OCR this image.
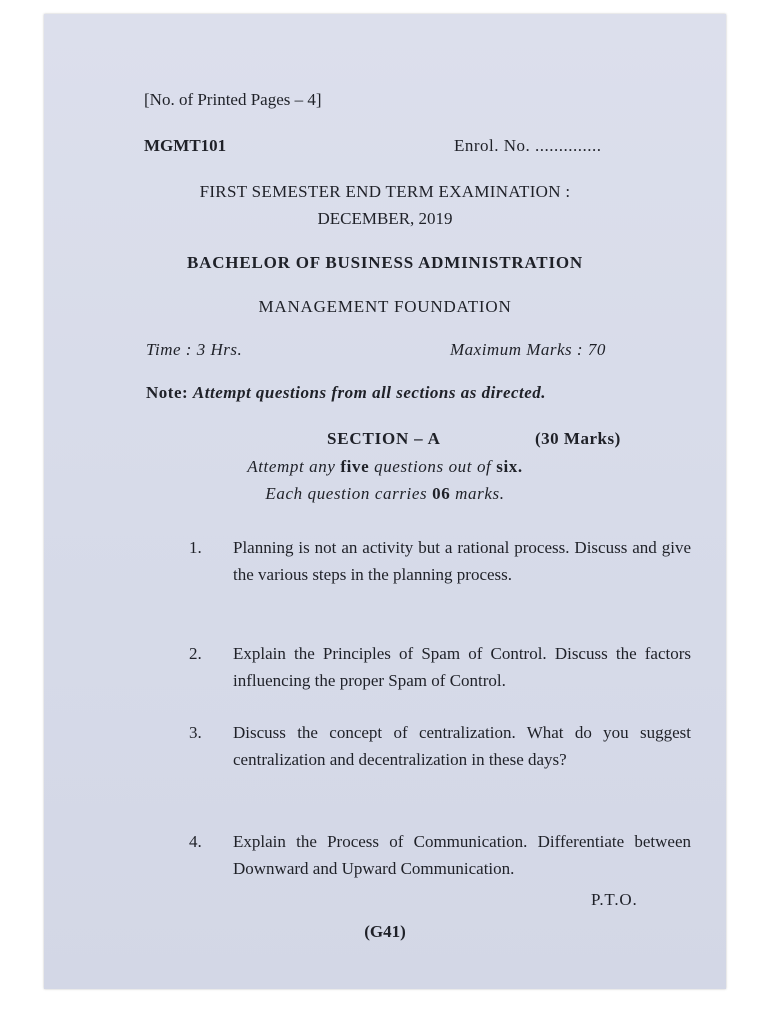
[No. of Printed Pages – 4]
MGMT101	Enrol. No. ..............
FIRST SEMESTER END TERM EXAMINATION :
DECEMBER, 2019
BACHELOR OF BUSINESS ADMINISTRATION
MANAGEMENT FOUNDATION
Time : 3 Hrs.	Maximum Marks : 70
Note: Attempt questions from all sections as directed.
SECTION – A	(30 Marks)
Attempt any five questions out of six.
Each question carries 06 marks.
1. Planning is not an activity but a rational process. Discuss and give the various steps in the planning process.
2. Explain the Principles of Spam of Control. Discuss the factors influencing the proper Spam of Control.
3. Discuss the concept of centralization. What do you suggest centralization and decentralization in these days?
4. Explain the Process of Communication. Differentiate between Downward and Upward Communication.
P.T.O.
(G41)
